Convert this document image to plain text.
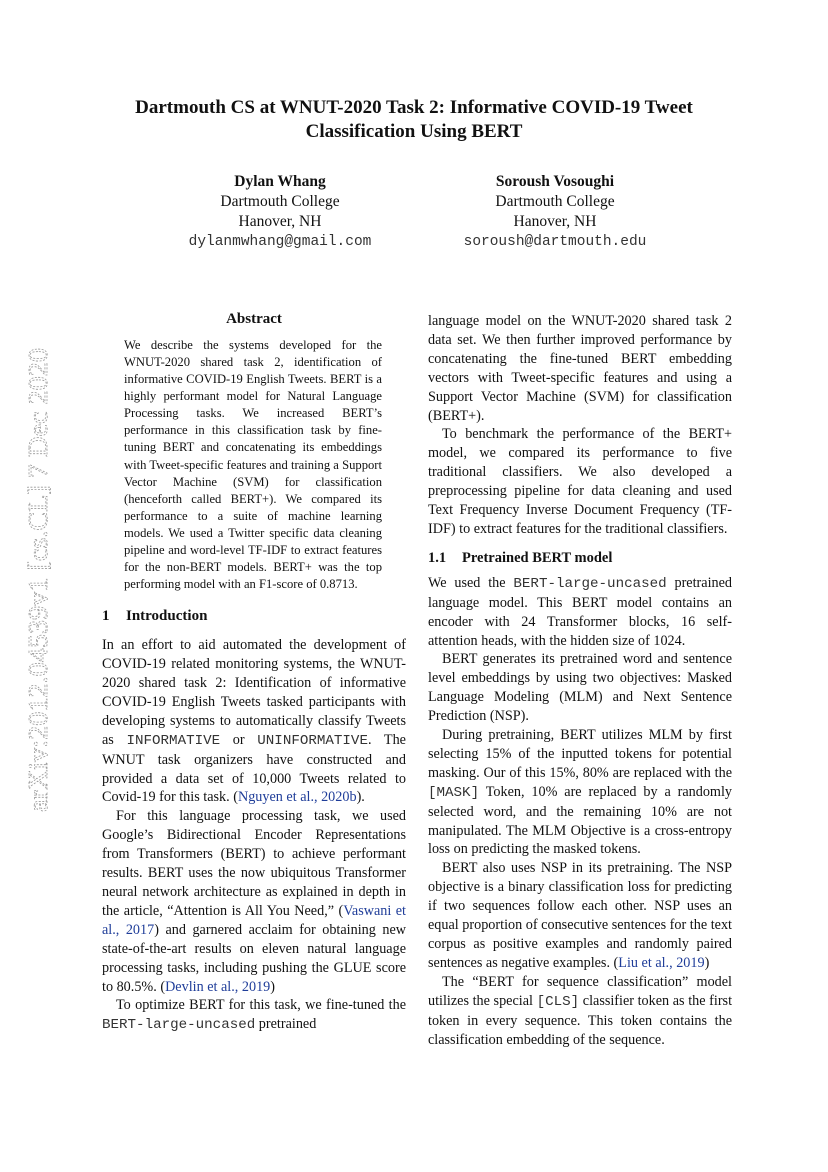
arXiv:2012.04539v1 [cs.CL] 7 Dec 2020
Dartmouth CS at WNUT-2020 Task 2: Informative COVID-19 Tweet Classification Using BERT
Dylan Whang
Dartmouth College
Hanover, NH
dylanmwhang@gmail.com
Soroush Vosoughi
Dartmouth College
Hanover, NH
soroush@dartmouth.edu
Abstract
We describe the systems developed for the WNUT-2020 shared task 2, identification of informative COVID-19 English Tweets. BERT is a highly performant model for Natural Language Processing tasks. We increased BERT’s performance in this classification task by fine-tuning BERT and concatenating its embeddings with Tweet-specific features and training a Support Vector Machine (SVM) for classification (henceforth called BERT+). We compared its performance to a suite of machine learning models. We used a Twitter specific data cleaning pipeline and word-level TF-IDF to extract features for the non-BERT models. BERT+ was the top performing model with an F1-score of 0.8713.
1 Introduction

In an effort to aid automated the development of COVID-19 related monitoring systems, the WNUT-2020 shared task 2: Identification of informative COVID-19 English Tweets tasked participants with developing systems to automatically classify Tweets as INFORMATIVE or UNINFORMATIVE. The WNUT task organizers have constructed and provided a data set of 10,000 Tweets related to Covid-19 for this task. (Nguyen et al., 2020b).

For this language processing task, we used Google’s Bidirectional Encoder Representations from Transformers (BERT) to achieve performant results. BERT uses the now ubiquitous Transformer neural network architecture as explained in depth in the article, “Attention is All You Need,” (Vaswani et al., 2017) and garnered acclaim for obtaining new state-of-the-art results on eleven natural language processing tasks, including pushing the GLUE score to 80.5%. (Devlin et al., 2019)

To optimize BERT for this task, we fine-tuned the BERT-large-uncased pretrained

language model on the WNUT-2020 shared task 2 data set. We then further improved performance by concatenating the fine-tuned BERT embedding vectors with Tweet-specific features and using a Support Vector Machine (SVM) for classification (BERT+).

To benchmark the performance of the BERT+ model, we compared its performance to five traditional classifiers. We also developed a preprocessing pipeline for data cleaning and used Text Frequency Inverse Document Frequency (TF-IDF) to extract features for the traditional classifiers.

1.1 Pretrained BERT model

We used the BERT-large-uncased pretrained language model. This BERT model contains an encoder with 24 Transformer blocks, 16 self-attention heads, with the hidden size of 1024.

BERT generates its pretrained word and sentence level embeddings by using two objectives: Masked Language Modeling (MLM) and Next Sentence Prediction (NSP).

During pretraining, BERT utilizes MLM by first selecting 15% of the inputted tokens for potential masking. Our of this 15%, 80% are replaced with the [MASK] Token, 10% are replaced by a randomly selected word, and the remaining 10% are not manipulated. The MLM Objective is a cross-entropy loss on predicting the masked tokens.

BERT also uses NSP in its pretraining. The NSP objective is a binary classification loss for predicting if two sequences follow each other. NSP uses an equal proportion of consecutive sentences for the text corpus as positive examples and randomly paired sentences as negative examples. (Liu et al., 2019)

The “BERT for sequence classification” model utilizes the special [CLS] classifier token as the first token in every sequence. This token contains the classification embedding of the sequence.
